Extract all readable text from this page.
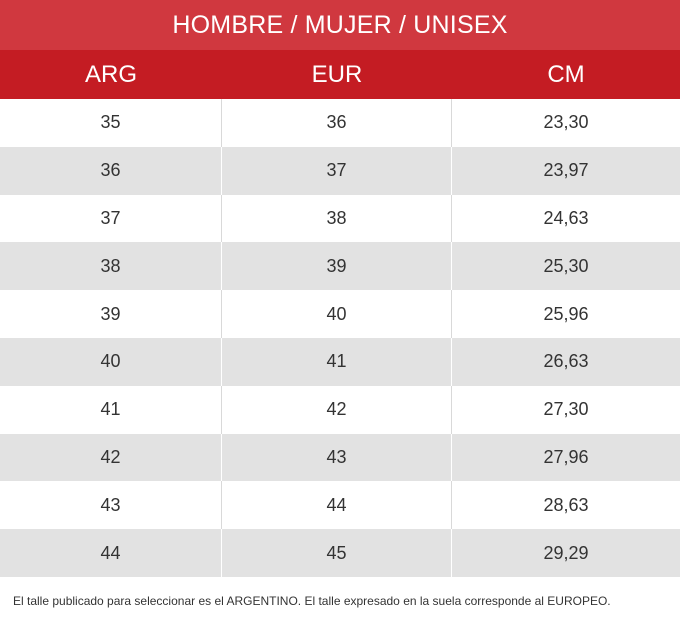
HOMBRE / MUJER / UNISEX
ARG	EUR	CM
35	36	23,30
36	37	23,97
37	38	24,63
38	39	25,30
39	40	25,96
40	41	26,63
41	42	27,30
42	43	27,96
43	44	28,63
44	45	29,29
El talle publicado para seleccionar es el ARGENTINO. El talle expresado en la suela corresponde al EUROPEO.
